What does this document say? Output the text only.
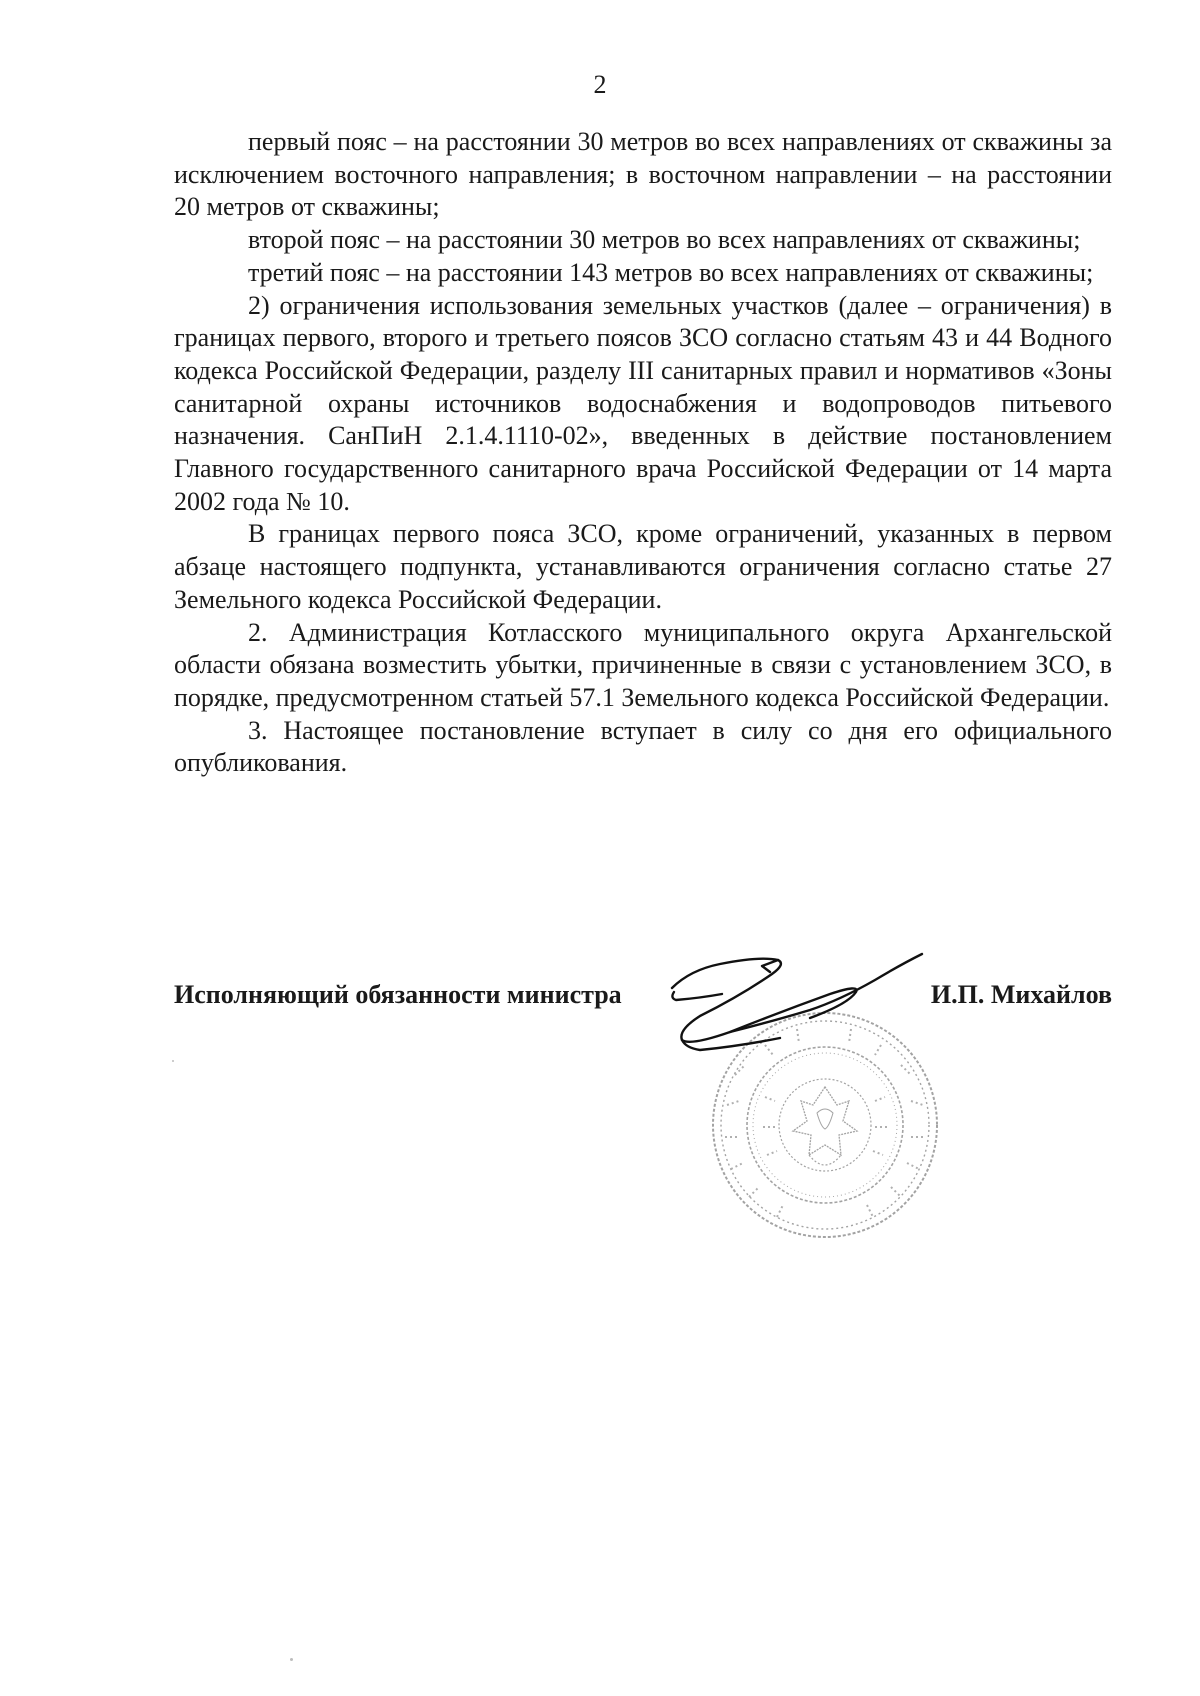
2

первый пояс – на расстоянии 30 метров во всех направлениях от скважины за исключением восточного направления; в восточном направлении – на расстоянии 20 метров от скважины;

второй пояс – на расстоянии 30 метров во всех направлениях от скважины;

третий пояс – на расстоянии 143 метров во всех направлениях от скважины;

2) ограничения использования земельных участков (далее – ограничения) в границах первого, второго и третьего поясов ЗСО согласно статьям 43 и 44 Водного кодекса Российской Федерации, разделу III санитарных правил и нормативов «Зоны санитарной охраны источников водоснабжения и водопроводов питьевого назначения. СанПиН 2.1.4.1110-02», введенных в действие постановлением Главного государственного санитарного врача Российской Федерации от 14 марта 2002 года № 10.

В границах первого пояса ЗСО, кроме ограничений, указанных в первом абзаце настоящего подпункта, устанавливаются ограничения согласно статье 27 Земельного кодекса Российской Федерации.

2. Администрация Котласского муниципального округа Архангельской области обязана возместить убытки, причиненные в связи с установлением ЗСО, в порядке, предусмотренном статьей 57.1 Земельного кодекса Российской Федерации.

3. Настоящее постановление вступает в силу со дня его официального опубликования.

Исполняющий обязанности министра	И.П. Михайлов
